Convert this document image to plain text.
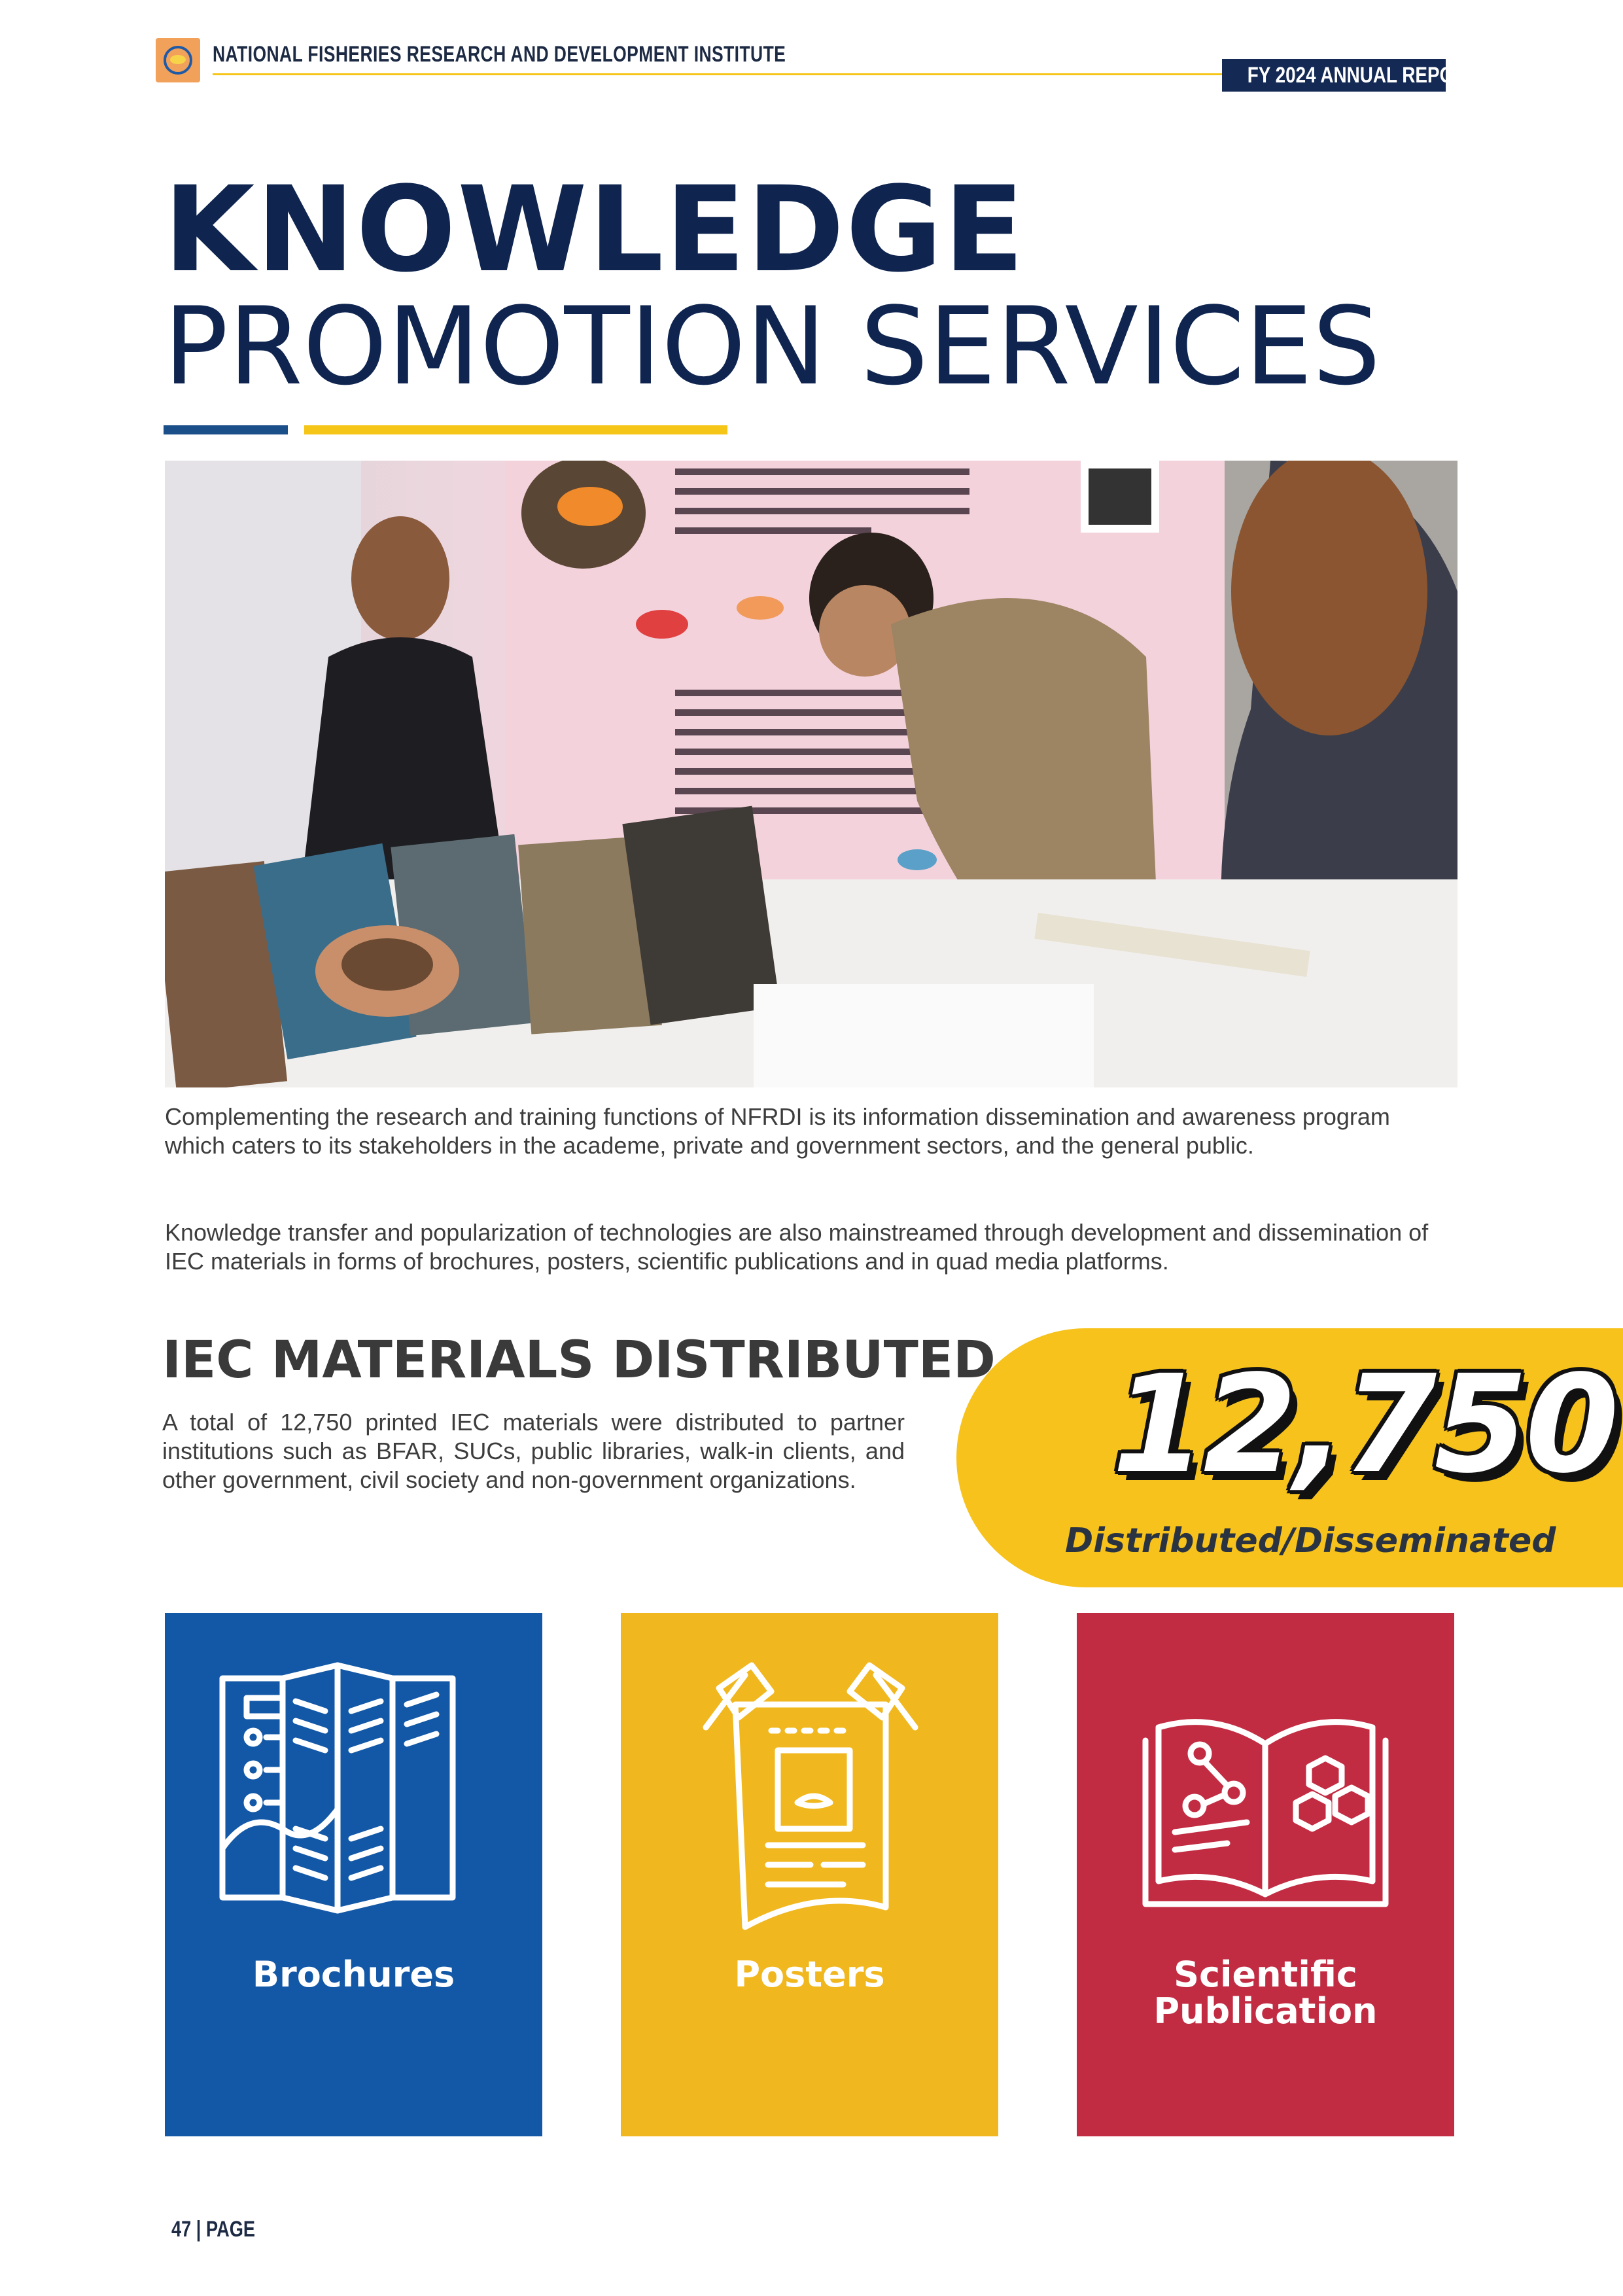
NATIONAL FISHERIES RESEARCH AND DEVELOPMENT INSTITUTE
FY 2024 ANNUAL REPORT
KNOWLEDGE
PROMOTION SERVICES
Complementing the research and training functions of NFRDI is its information dissemination and awareness program which caters to its stakeholders in the academe, private and government sectors, and the general public.
Knowledge transfer and popularization of technologies are also mainstreamed through development and dissemination of IEC materials in forms of brochures, posters, scientific publications and in quad media platforms.
IEC MATERIALS DISTRIBUTED
A total of 12,750 printed IEC materials were distributed to partner institutions such as BFAR, SUCs, public libraries, walk-in clients, and other government, civil society and non-government organizations.	12,750
Distributed/Disseminated
Brochures	Posters	Scientific
Publication
47 | PAGE
